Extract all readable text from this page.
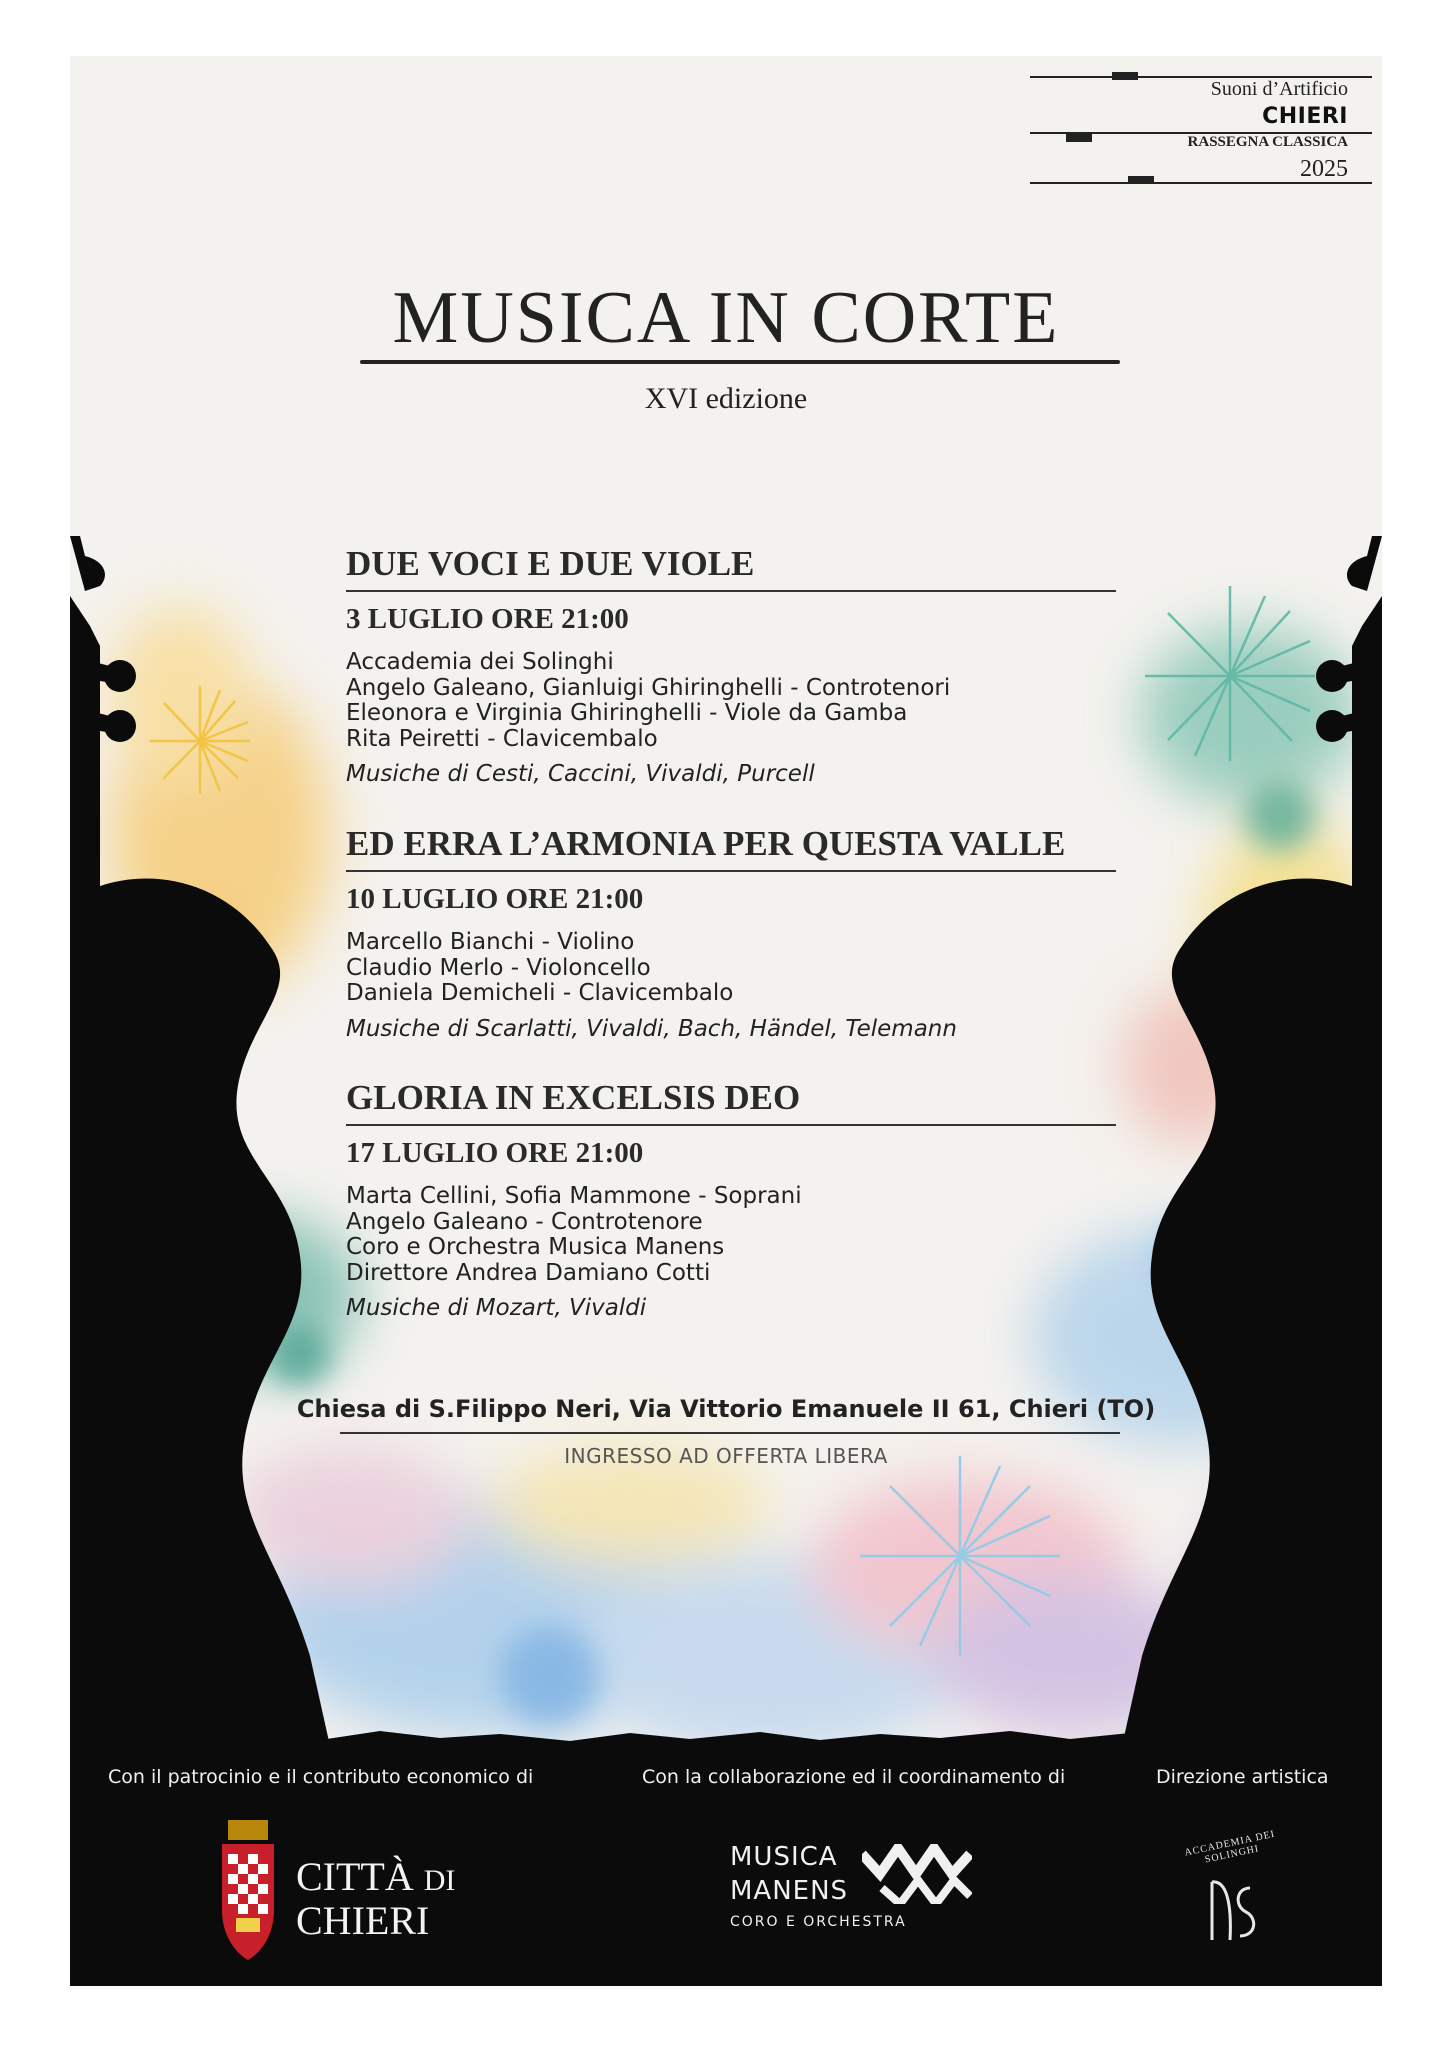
Suoni d’Artificio
CHIERI
RASSEGNA CLASSICA
2025
MUSICA IN CORTE
XVI edizione
DUE VOCI E DUE VIOLE
3 LUGLIO ORE 21:00
Accademia dei Solinghi
Angelo Galeano, Gianluigi Ghiringhelli - Controtenori
Eleonora e Virginia Ghiringhelli - Viole da Gamba
Rita Peiretti - Clavicembalo
Musiche di Cesti, Caccini, Vivaldi, Purcell
ED ERRA L’ARMONIA PER QUESTA VALLE
10 LUGLIO ORE 21:00
Marcello Bianchi - Violino
Claudio Merlo - Violoncello
Daniela Demicheli - Clavicembalo
Musiche di Scarlatti, Vivaldi, Bach, Händel, Telemann
GLORIA IN EXCELSIS DEO
17 LUGLIO ORE 21:00
Marta Cellini, Sofia Mammone - Soprani
Angelo Galeano - Controtenore
Coro e Orchestra Musica Manens
Direttore Andrea Damiano Cotti
Musiche di Mozart, Vivaldi
Chiesa di S.Filippo Neri, Via Vittorio Emanuele II 61, Chieri (TO)
INGRESSO AD OFFERTA LIBERA
Con il patrocinio e il contributo economico di	Con la collaborazione ed il coordinamento di	Direzione artistica
CITTÀ DI
CHIERI
MUSICA
MANENS
CORO E ORCHESTRA
ACCADEMIA DEI SOLINGHI
